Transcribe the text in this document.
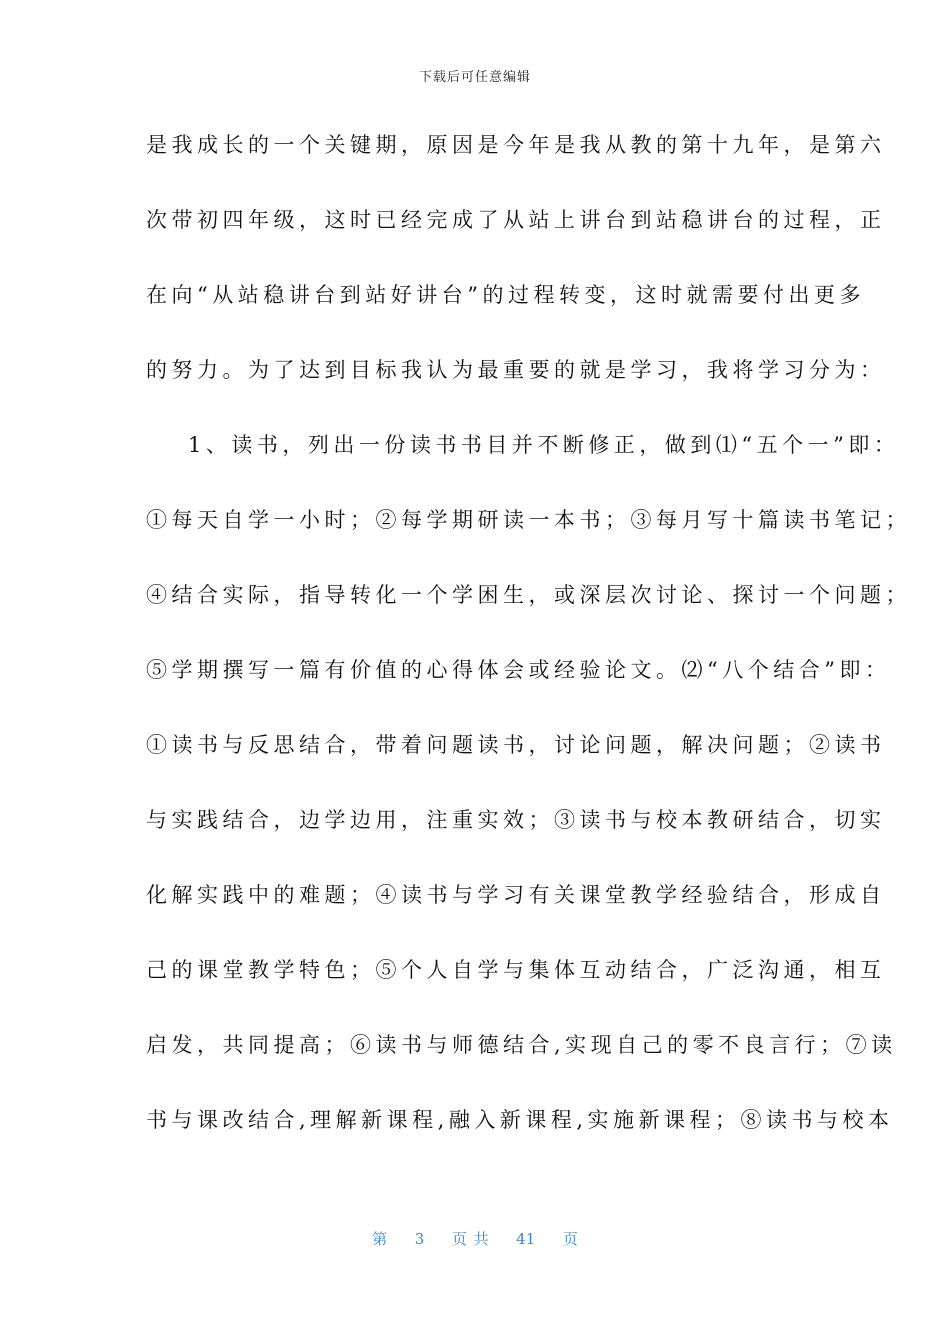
下载后可任意编辑
是我成长的一个关键期，原因是今年是我从教的第十九年，是第六
次带初四年级，这时已经完成了从站上讲台到站稳讲台的过程，正
在向“从站稳讲台到站好讲台”的过程转变，这时就需要付出更多
的努力。为了达到目标我认为最重要的就是学习，我将学习分为：
1、读书，列出一份读书书目并不断修正，做到⑴“五个一”即：
①每天自学一小时；②每学期研读一本书；③每月写十篇读书笔记；
④结合实际，指导转化一个学困生，或深层次讨论、探讨一个问题；
⑤学期撰写一篇有价值的心得体会或经验论文。⑵“八个结合”即：
①读书与反思结合，带着问题读书，讨论问题，解决问题；②读书
与实践结合，边学边用，注重实效；③读书与校本教研结合，切实
化解实践中的难题；④读书与学习有关课堂教学经验结合，形成自
己的课堂教学特色；⑤个人自学与集体互动结合，广泛沟通，相互
启发，共同提高；⑥读书与师德结合,实现自己的零不良言行；⑦读
书与课改结合,理解新课程,融入新课程,实施新课程；⑧读书与校本
第 3 页 共 41 页
